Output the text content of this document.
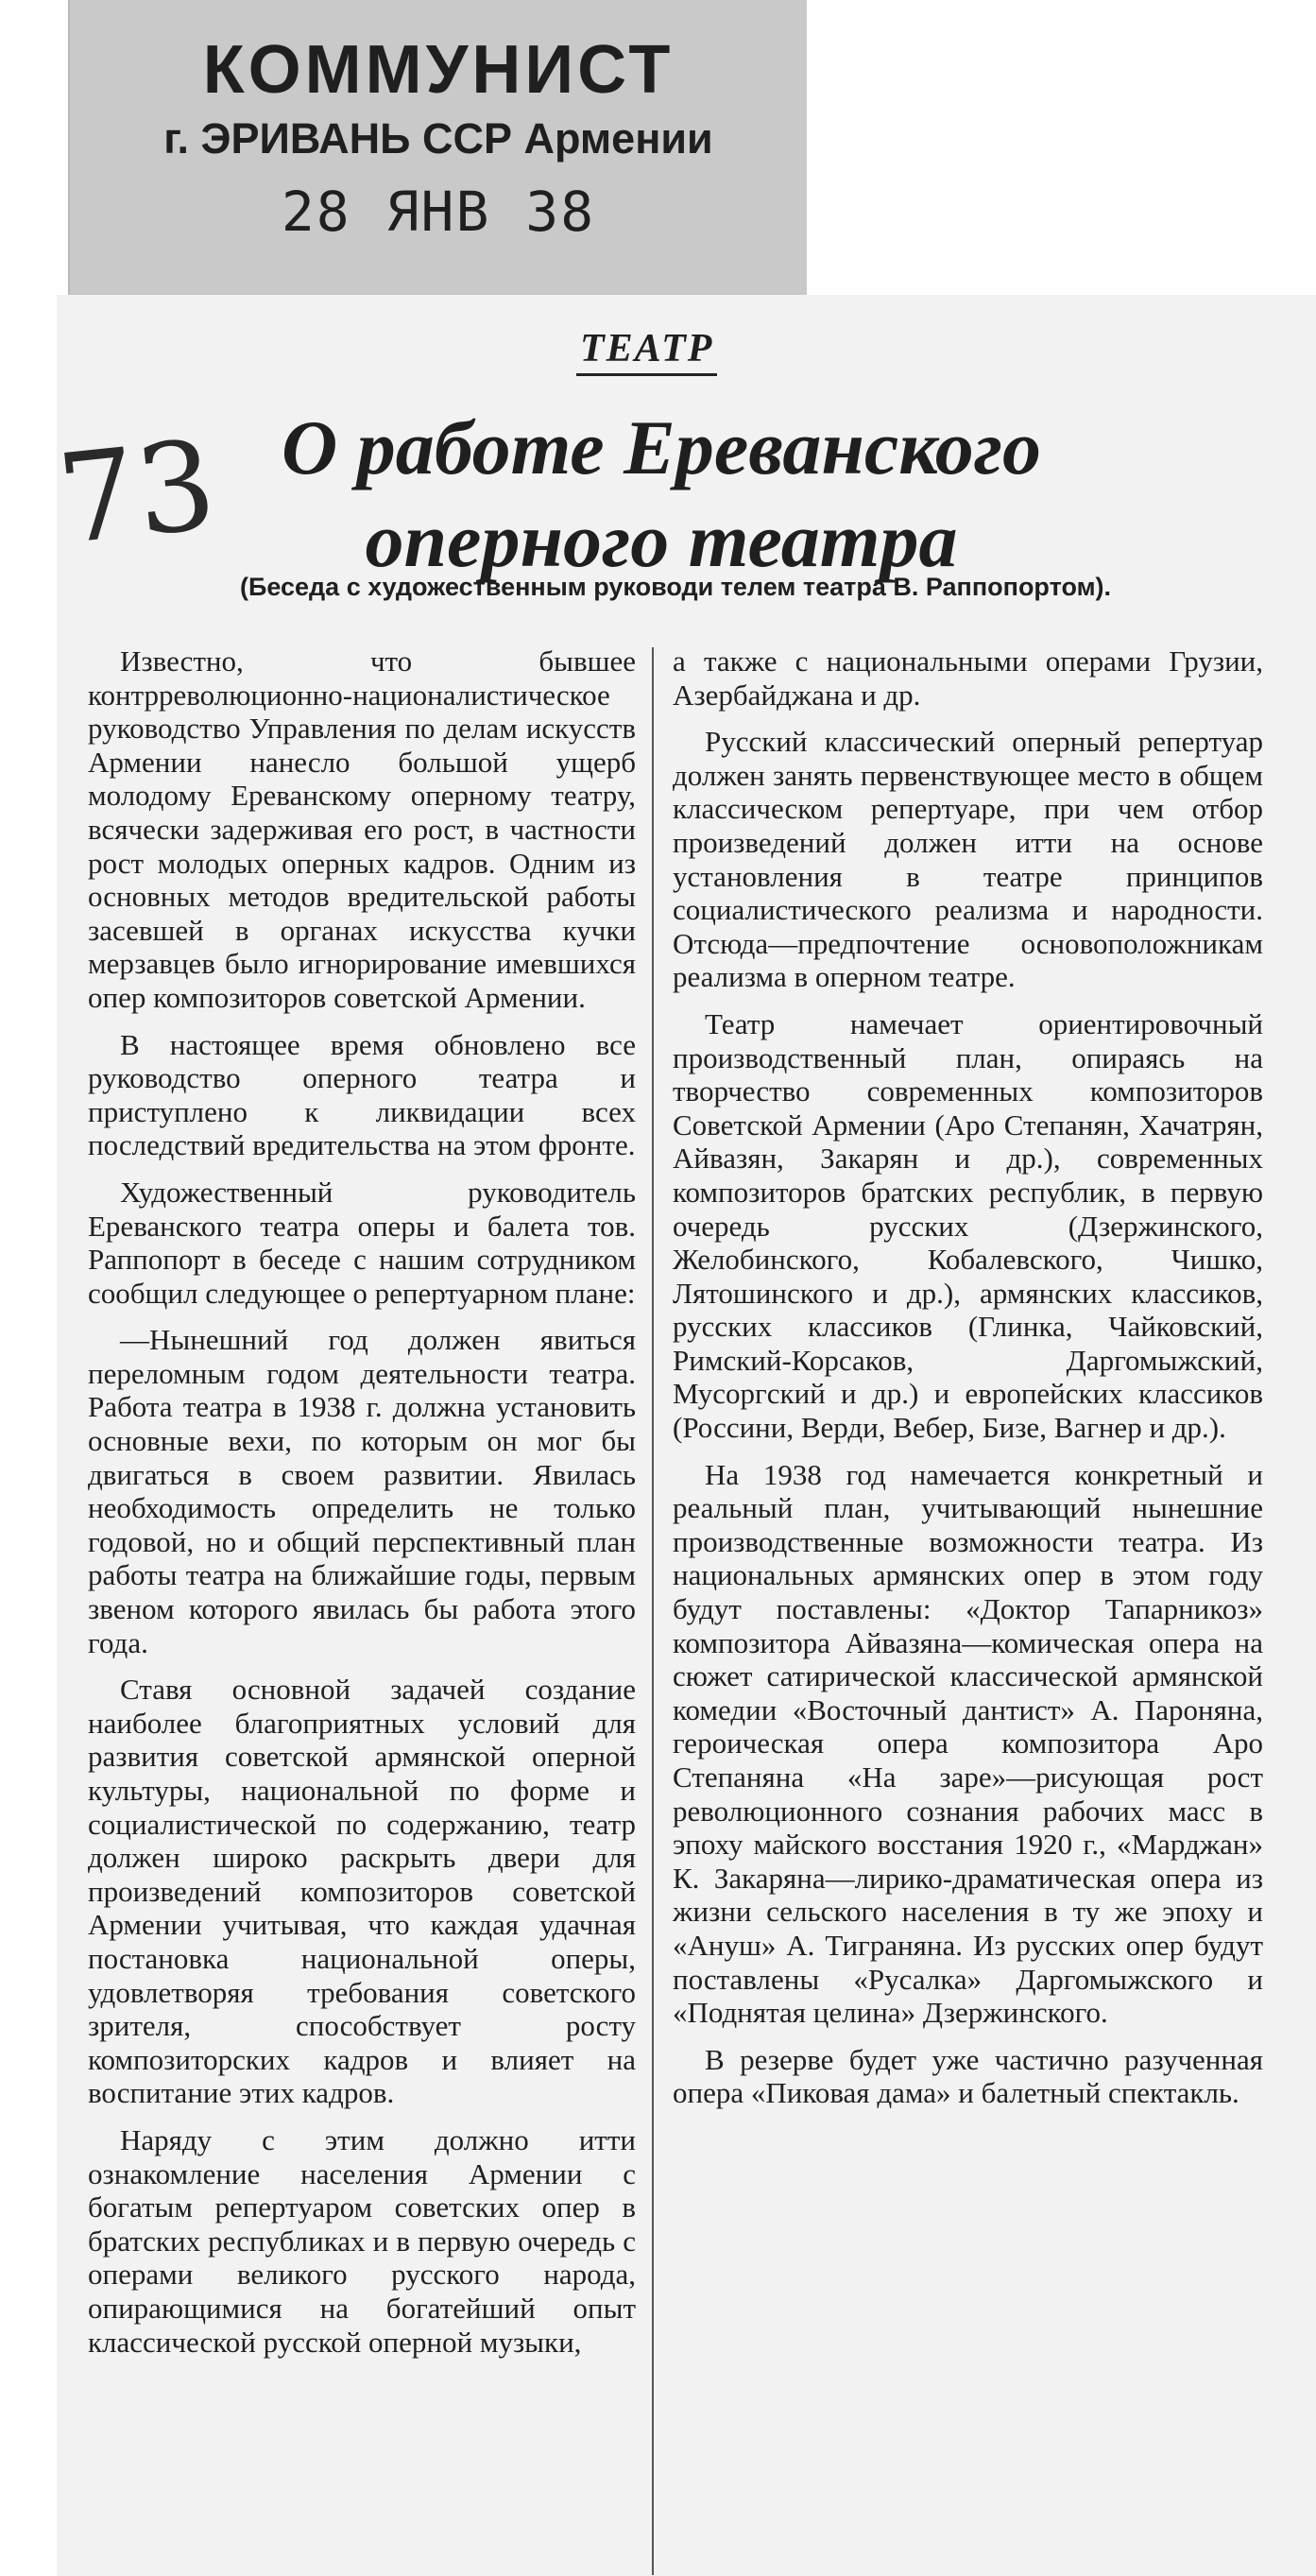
КОММУНИСТ
г. ЭРИВАНЬ ССР Армении
28 ЯНВ 38
ТЕАТР
73 О работе Ереванского
оперного театра
(Беседа с художественным руководи телем театра В. Раппопортом).

Известно, что бывшее контрреволюционно-националистическое руководство Управления по делам искусств Армении нанесло большой ущерб молодому Ереванскому оперному театру, всячески задерживая его рост, в частности рост молодых оперных кадров. Одним из основных методов вредительской работы засевшей в органах искусства кучки мерзавцев было игнорирование имевшихся опер композиторов советской Армении.

В настоящее время обновлено все руководство оперного театра и приступлено к ликвидации всех последствий вредительства на этом фронте.

Художественный руководитель Ереванского театра оперы и балета тов. Раппопорт в беседе с нашим сотрудником сообщил следующее о репертуарном плане:

—Нынешний год должен явиться переломным годом деятельности театра. Работа театра в 1938 г. должна установить основные вехи, по которым он мог бы двигаться в своем развитии. Явилась необходимость определить не только годовой, но и общий перспективный план работы театра на ближайшие годы, первым звеном которого явилась бы работа этого года.

Ставя основной задачей создание наиболее благоприятных условий для развития советской армянской оперной культуры, национальной по форме и социалистической по содержанию, театр должен широко раскрыть двери для произведений композиторов советской Армении учитывая, что каждая удачная постановка национальной оперы, удовлетворяя требования советского зрителя, способствует росту композиторских кадров и влияет на воспитание этих кадров.

Наряду с этим должно итти ознакомление населения Армении с богатым репертуаром советских опер в братских республиках и в первую очередь с операми великого русского народа, опирающимися на богатейший опыт классической русской оперной музыки,

а также с национальными операми Грузии, Азербайджана и др.

Русский классический оперный репертуар должен занять первенствующее место в общем классическом репертуаре, при чем отбор произведений должен итти на основе установления в театре принципов социалистического реализма и народности. Отсюда—предпочтение основоположникам реализма в оперном театре.

Театр намечает ориентировочный производственный план, опираясь на творчество современных композиторов Советской Армении (Аро Степанян, Хачатрян, Айвазян, Закарян и др.), современных композиторов братских республик, в первую очередь русских (Дзержинского, Желобинского, Кобалевского, Чишко, Лятошинского и др.), армянских классиков, русских классиков (Глинка, Чайковский, Римский-Корсаков, Даргомыжский, Мусоргский и др.) и европейских классиков (Россини, Верди, Вебер, Бизе, Вагнер и др.).

На 1938 год намечается конкретный и реальный план, учитывающий нынешние производственные возможности театра. Из национальных армянских опер в этом году будут поставлены: «Доктор Тапарникоз» композитора Айвазяна—комическая опера на сюжет сатирической классической армянской комедии «Восточный дантист» А. Пароняна, героическая опера композитора Аро Степаняна «На заре»—рисующая рост революционного сознания рабочих масс в эпоху майского восстания 1920 г., «Марджан» К. Закаряна—лирико-драматическая опера из жизни сельского населения в ту же эпоху и «Ануш» А. Тиграняна. Из русских опер будут поставлены «Русалка» Даргомыжского и «Поднятая целина» Дзержинского.

В резерве будет уже частично разученная опера «Пиковая дама» и балетный спектакль.
